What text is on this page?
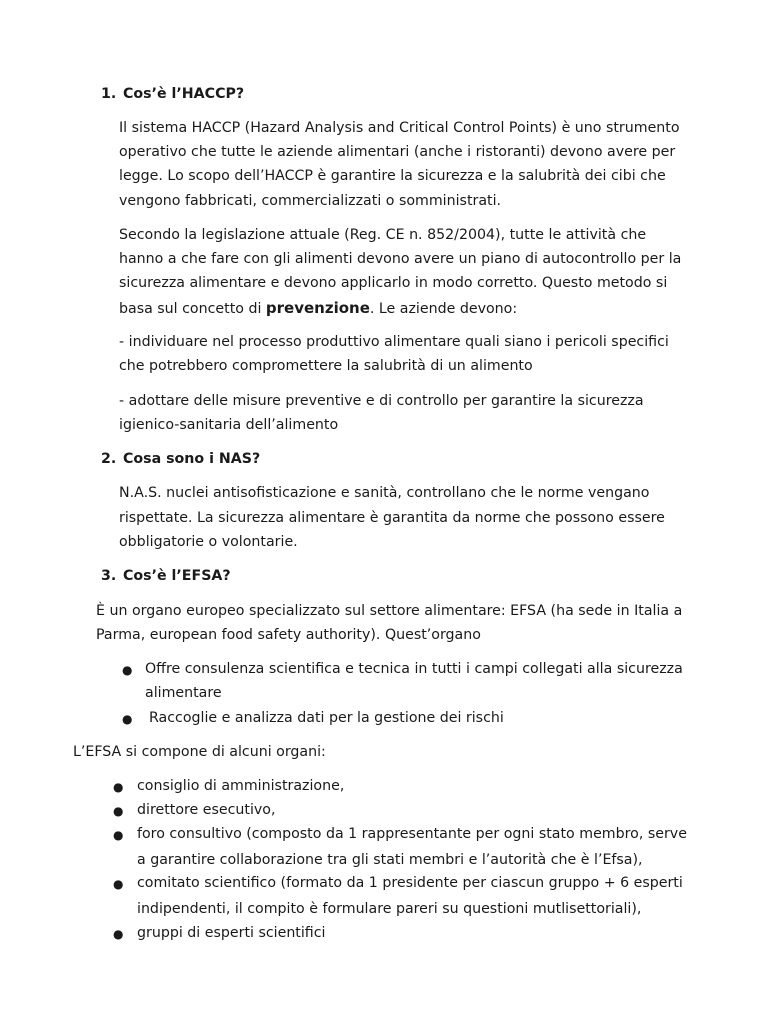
1. Cos’è l’HACCP?
Il sistema HACCP (Hazard Analysis and Critical Control Points) è uno strumento
operativo che tutte le aziende alimentari (anche i ristoranti) devono avere per
legge. Lo scopo dell’HACCP è garantire la sicurezza e la salubrità dei cibi che
vengono fabbricati, commercializzati o somministrati.
Secondo la legislazione attuale (Reg. CE n. 852/2004), tutte le attività che
hanno a che fare con gli alimenti devono avere un piano di autocontrollo per la
sicurezza alimentare e devono applicarlo in modo corretto. Questo metodo si
basa sul concetto di prevenzione. Le aziende devono:
- individuare nel processo produttivo alimentare quali siano i pericoli specifici
che potrebbero compromettere la salubrità di un alimento
- adottare delle misure preventive e di controllo per garantire la sicurezza
igienico-sanitaria dell’alimento
2. Cosa sono i NAS?
N.A.S. nuclei antisofisticazione e sanità, controllano che le norme vengano
rispettate. La sicurezza alimentare è garantita da norme che possono essere
obbligatorie o volontarie.
3. Cos’è l’EFSA?
È un organo europeo specializzato sul settore alimentare: EFSA (ha sede in Italia a
Parma, european food safety authority). Quest’organo
● Offre consulenza scientifica e tecnica in tutti i campi collegati alla sicurezza
alimentare
● Raccoglie e analizza dati per la gestione dei rischi
L’EFSA si compone di alcuni organi:
● consiglio di amministrazione,
● direttore esecutivo,
● foro consultivo (composto da 1 rappresentante per ogni stato membro, serve
a garantire collaborazione tra gli stati membri e l’autorità che è l’Efsa),
● comitato scientifico (formato da 1 presidente per ciascun gruppo + 6 esperti
indipendenti, il compito è formulare pareri su questioni mutlisettoriali),
● gruppi di esperti scientifici
